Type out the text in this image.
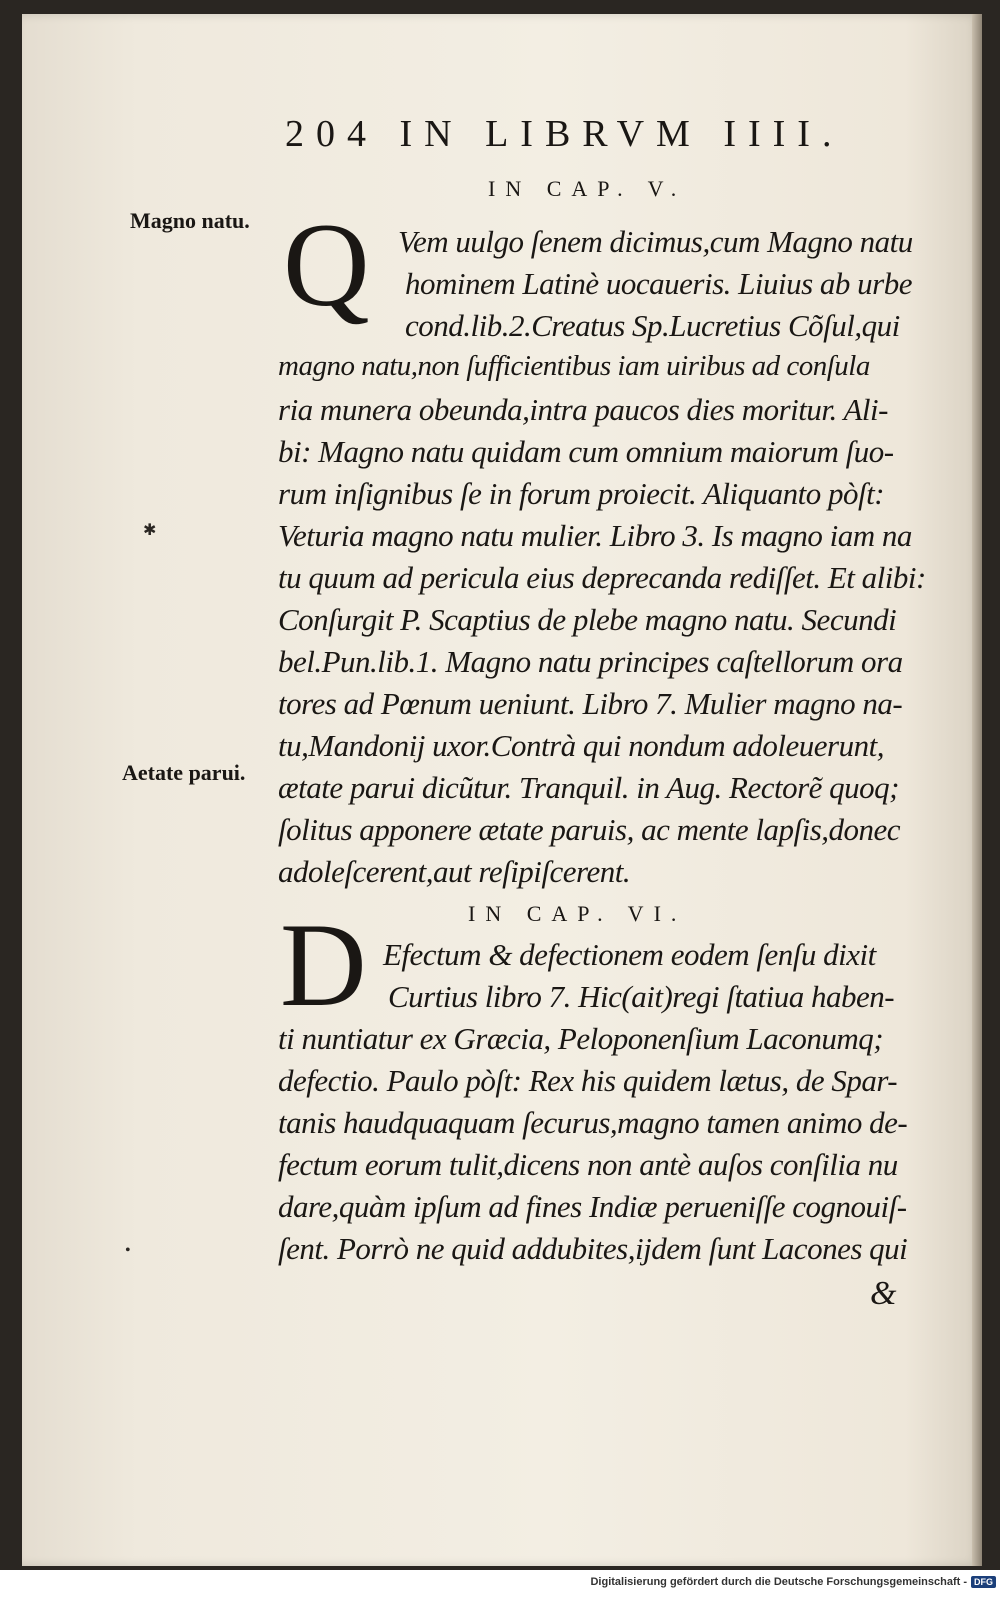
204 IN LIBRVM IIII.
IN CAP. V.
Magno natu. Q Vem uulgo ſenem dicimus,cum Magno natu
hominem Latinè uocaueris. Liuius ab urbe
cond.lib.2.Creatus Sp.Lucretius Cõſul,qui
magno natu,non ſufficientibus iam uiribus ad conſula
ria munera obeunda,intra paucos dies moritur. Ali-
bi: Magno natu quidam cum omnium maiorum ſuo-
rum inſignibus ſe in forum proiecit. Aliquanto pòſt:
✱	Veturia magno natu mulier. Libro 3. Is magno iam na
tu quum ad pericula eius deprecanda rediſſet. Et alibi:
Conſurgit P. Scaptius de plebe magno natu. Secundi
bel.Pun.lib.1. Magno natu principes caſtellorum ora
tores ad Pœnum ueniunt. Libro 7. Mulier magno na-
tu,Mandonij uxor.Contrà qui nondum adoleuerunt,
Aetate parui. ætate parui dicũtur. Tranquil. in Aug. Rectorẽ quoq;
ſolitus apponere ætate paruis, ac mente lapſis,donec
adoleſcerent,aut reſipiſcerent.
IN CAP. VI.
D Efectum & defectionem eodem ſenſu dixit
Curtius libro 7. Hic(ait)regi ſtatiua haben-
ti nuntiatur ex Græcia, Peloponenſium Laconumq;
defectio. Paulo pòſt: Rex his quidem lætus, de Spar-
tanis haudquaquam ſecurus,magno tamen animo de-
fectum eorum tulit,dicens non antè auſos conſilia nu
dare,quàm ipſum ad fines Indiæ perueniſſe cognouiſ-
•	ſent. Porrò ne quid addubites,ijdem ſunt Lacones qui
&
Digitalisierung gefördert durch die Deutsche Forschungsgemeinschaft - DFG
